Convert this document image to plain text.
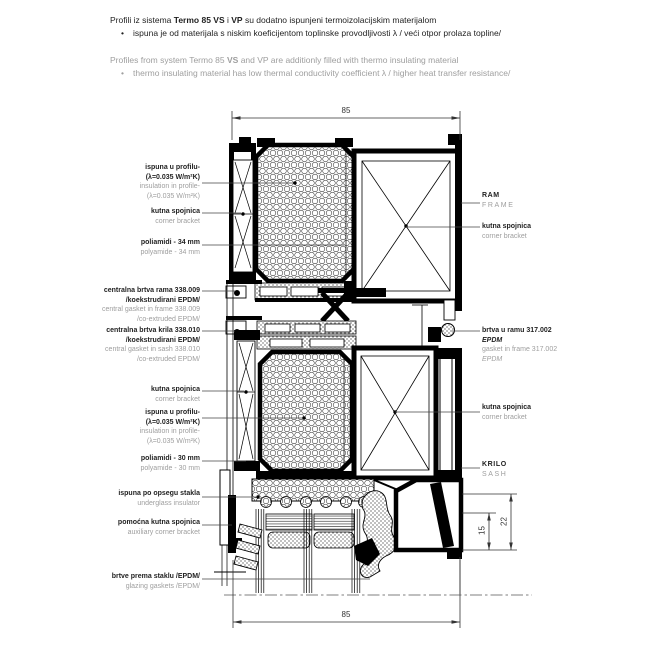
Profili iz sistema Termo 85 VS i VP su dodatno ispunjeni termoizolacijskim materijalom
•	ispuna je od materijala s niskim koeficijentom toplinske provodljivosti λ / veći otpor prolaza topline/
Profiles from system Termo 85 VS and VP are additionly filled with thermo insulating material
•	thermo insulating material has low thermal conductivity coefficient λ / higher heat transfer resistance/
ispuna u profilu-
(λ=0.035 W/m²K)
insulation in profile-
(λ=0.035 W/m²K)
kutna spojnica
corner bracket
poliamidi - 34 mm
polyamide - 34 mm
centralna brtva rama 338.009
/koekstrudirani EPDM/
central gasket in frame 338.009
/co-extruded EPDM/
centralna brtva krila 338.010
/koekstrudirani EPDM/
central gasket in sash 338.010
/co-extruded EPDM/
kutna spojnica
corner bracket
ispuna u profilu-
(λ=0.035 W/m²K)
insulation in profile-
(λ=0.035 W/m²K)
poliamidi - 30 mm
polyamide - 30 mm
ispuna po opsegu stakla
underglass insulator
pomoćna kutna spojnica
auxiliary corner bracket
brtve prema staklu /EPDM/
glazing gaskets /EPDM/
RAM
FRAME
kutna spojnica
corner bracket
brtva u ramu 317.002
EPDM
gasket in frame 317.002
EPDM
kutna spojnica
corner bracket
KRILO
SASH
85
85
22
15
